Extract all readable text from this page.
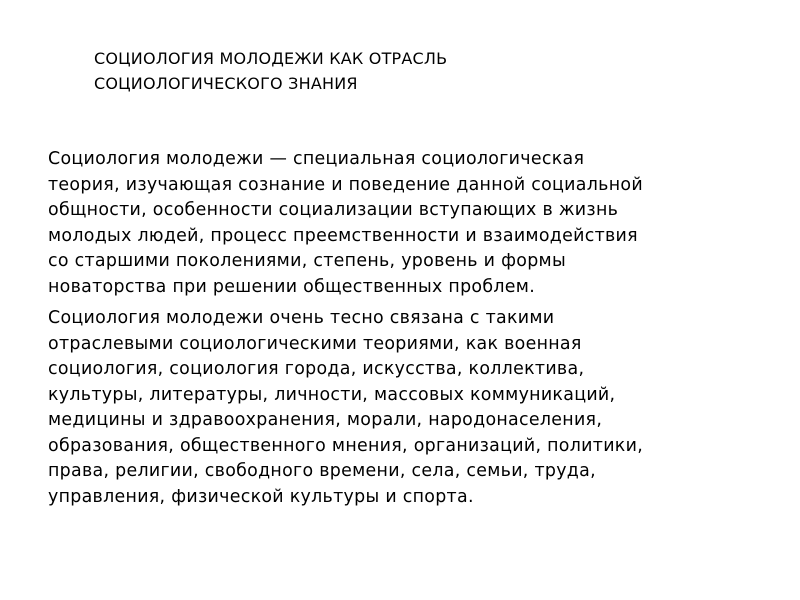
СОЦИОЛОГИЯ МОЛОДЕЖИ КАК ОТРАСЛЬ
СОЦИОЛОГИЧЕСКОГО ЗНАНИЯ

Социология молодежи — специальная социологическая
теория, изучающая сознание и поведение данной социальной
общности, особенности социализации вступающих в жизнь
молодых людей, процесс преемственности и взаимодействия
со старшими поколениями, степень, уровень и формы
новаторства при решении общественных проблем.

Социология молодежи очень тесно связана с такими
отраслевыми социологическими теориями, как военная
социология, социология города, искусства, коллектива,
культуры, литературы, личности, массовых коммуникаций,
медицины и здравоохранения, морали, народонаселения,
образования, общественного мнения, организаций, политики,
права, религии, свободного времени, села, семьи, труда,
управления, физической культуры и спорта.
